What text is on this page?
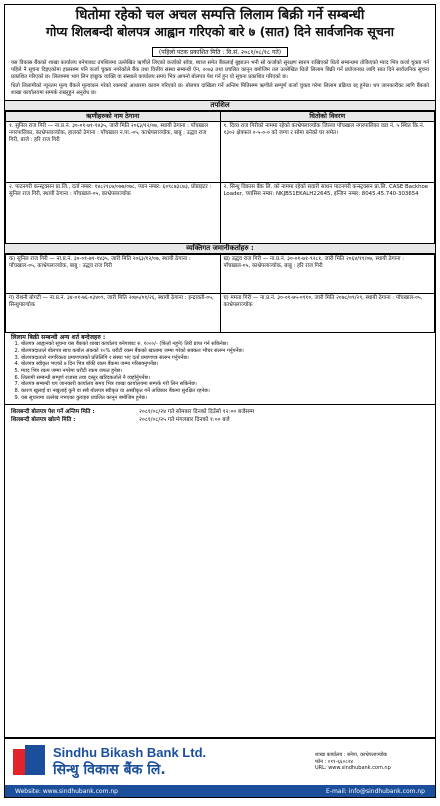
धितोमा रहेको चल अचल सम्पत्ति लिलाम बिक्री गर्ने सम्बन्धी
गोप्य शिलबन्दी बोलपत्र आह्वान गरिएको बारे ७ (सात) दिने सार्वजनिक सूचना
(पहिलो पटक प्रकाशित मिति : वि.सं. २०८१/०८/१८ गते)
यस विकास बैंकको शाखा कार्यालय बनेपाबाट तपशिलमा उल्लेखित ऋणीले लिएको कर्जाको साँवा, ब्याज समेत बैंकलाई बुझाउन भनी सो कर्जाको सुरक्षण स्वरुप राखिएको धितो सम्बन्धमा तोकिएको म्याद भित्र कर्जा चुक्ता गर्न पहिले नै सूचना दिइएकोमा हालसम्म पनि कर्जा चुक्ता नगरेकोले बैंक तथा वित्तीय संस्था सम्बन्धी ऐन, २०७३ तथा प्रचलित कानून बमोजिम तल उल्लेखित धितो लिलाम बिक्री गर्ने प्रयोजनका लागि सात दिने सार्वजनिक सूचना प्रकाशित गरिएको छ। लिलाममा भाग लिन इच्छुक व्यक्ति वा संस्थाले कार्यालय समय भित्र आफ्नो बोलपत्र पेश गर्न हुन यो सूचना प्रकाशित गरिएको छ।
धितो लिलामीको न्यूनतम मूल्य बैंकले मूल्यांकन गरेको रकमको आधारमा कायम गरिएको छ। बोलपत्र दाखिला गर्ने अन्तिम मितिसम्म ऋणीले सम्पूर्ण कर्जा चुक्ता गरेमा लिलाम प्रक्रिया रद्द हुनेछ। थप जानकारीका लागि बैंकको शाखा कार्यालयमा सम्पर्क राख्नुहुन अनुरोध छ।
तपशिल
ऋणीहरुको नाम ठेगाना	धितोको विवरण
१. सुनिल राज गिरी — ना.प्र.नं. ३०-०१-७१-१४३५, जारी मिति २०६३/१२/०७, स्थायी ठेगाना : पाँचखाल नगरपालिका, काभ्रेपलाञ्चोक, हालको ठेगाना : पाँचखाल न.पा.-०५, काभ्रेपलाञ्चोक, बाबु : उद्धव राज गिरी, बाजे : हरि राज गिरी	१. दिव्य राज गिरीको नाममा रहेको काभ्रेपलाञ्चोक जिल्ला पाँचखाल नगरपालिका वडा नं. ५ स्थित कि.नं. १३०२ क्षेत्रफल ०-५-०-० को जग्गा र सोमा बनेको घर समेत।
२. पाटनगरी कन्स्ट्रक्सन प्रा.लि., दर्ता नम्बर: १४८२१८७/०७७/०७८, प्यान नम्बर: ६०९८७३८७३, प्रोप्राइटर : सुनिल राज गिरी, स्थायी ठेगाना : पाँचखाल-०५, काभ्रेपलाञ्चोक	२. सिन्धु विकास बैंक लि. को नाममा रहेको सवारी साधन पाटनगरी कन्स्ट्रक्सन प्रा.लि. CASE Backhoe Loader, च्यासिस नम्बर: NKJB51EKALH22645, इन्जिन नम्बर: 8045.45.740-303654
व्यक्तिगत जमानीकर्ताहरु :
क) सुनिल राज गिरी — ना.प्र.नं. ३०-०१-७१-१४३५, जारी मिति २०६३/१२/०७, स्थायी ठेगाना : पाँचखाल-०५, काभ्रेपलाञ्चोक, बाबु : उद्धव राज गिरी	ख) उद्धव राज गिरी — ना.प्र.नं. ३०-०१-७१-९२८१, जारी मिति २०६४/११/०७, स्थायी ठेगाना : पाँचखाल-०५, काभ्रेपलाञ्चोक, बाबु : हरि राज गिरी
ग) रोशनी बोगटी — ना.प्र.नं. ३४-०१-७६-०३४०९, जारी मिति २०७५/०१/२६, स्थायी ठेगाना : इन्द्रावती-०५, सिन्धुपाल्चोक	घ) ममता गिरी — ना.प्र.नं. ३०-०१-७५-०११०, जारी मिति २०७८/०९/२९, स्थायी ठेगाना : पाँचखाल-०५, काभ्रेपलाञ्चोक
लिलाम बिक्री सम्बन्धी अन्य शर्त बन्देजहरु :
1. बोलपत्र आह्वानको सूचना यस बैंकको शाखा कार्यालय बनेपाबाट रु. १०००/- (फिर्ता नहुने) तिरी प्राप्त गर्न सकिनेछ।
2. बोलपत्रदाताले बोलपत्र साथ कबोल अंकको १०% धरौटी रकम बैंकको खातामा जम्मा गरेको सक्कल भौचर संलग्न गर्नुपर्नेछ।
3. बोलपत्रदाताले नागरिकता प्रमाणपत्रको प्रतिलिपि र संस्था भए दर्ता प्रमाणपत्र संलग्न गर्नुपर्नेछ।
4. बोलपत्र स्वीकृत भएको ७ दिन भित्र बाँकी रकम बैंकमा जम्मा गरिसक्नुपर्नेछ।
5. म्याद भित्र रकम जम्मा नगरेमा धरौटी रकम जफत हुनेछ।
6. लिलामी सम्बन्धी सम्पूर्ण राजस्व तथा दस्तुर खरिदकर्ताले नै व्यहोर्नुपर्नेछ।
7. बोलपत्र सम्बन्धी थप जानकारी कार्यालय समय भित्र शाखा कार्यालयमा सम्पर्क गरी लिन सकिनेछ।
8. कारण खुलाई वा नखुलाई कुनै वा सबै बोलपत्र स्वीकृत वा अस्वीकृत गर्ने अधिकार बैंकमा सुरक्षित रहनेछ।
9. यस सूचनामा उल्लेख नभएका कुराहरु प्रचलित कानून बमोजिम हुनेछ।
शिलबन्दी बोलपत्र पेश गर्ने अन्तिम मिति :	२०८१/०८/२४ गते सोमबार दिनको दिउँसो १२:०० बजेसम्म
शिलबन्दी बोलपत्र खोल्ने मिति :	२०८१/०८/२५ गते मंगलबार दिनको १:०० बजे
Sindhu Bikash Bank Ltd.
सिन्धु विकास बैंक लि.
शाखा कार्यालय : बनेपा, काभ्रेपलाञ्चोक
फोन : ०११-६६०८२४
URL: www.sindhubank.com.np
Website: www.sindhubank.com.np	E-mail: info@sindhubank.com.np
